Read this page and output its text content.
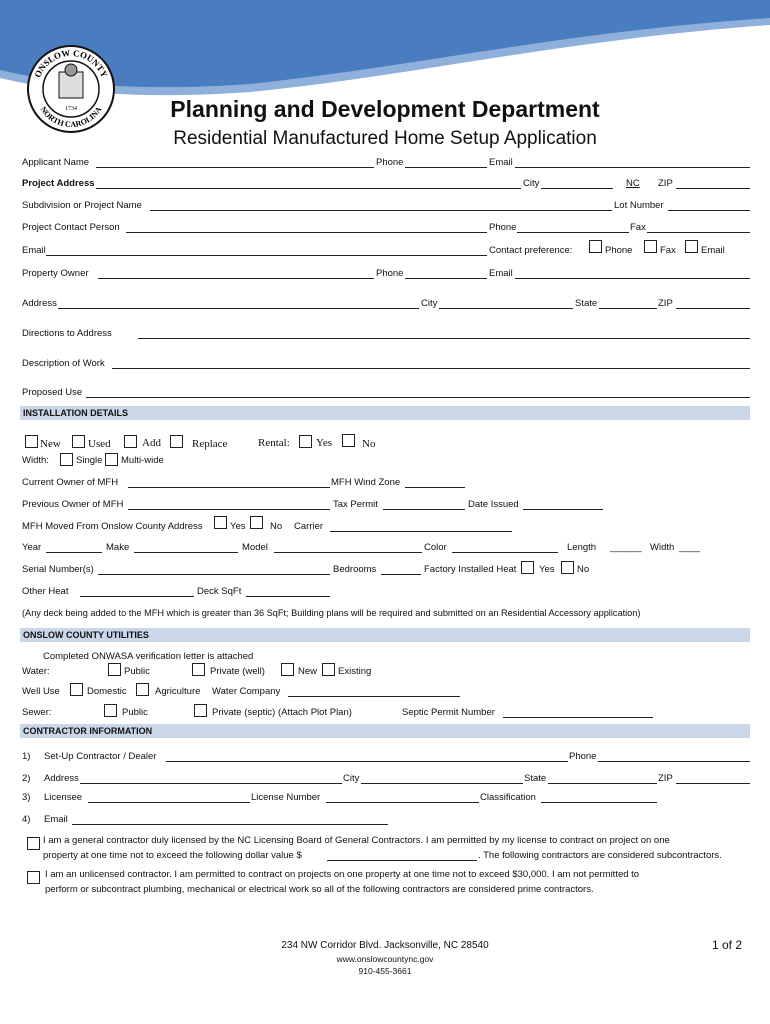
ONSLOW COUNTY
NORTH CAROLINA
1734	Planning and Development Department
Residential Manufactured Home Setup Application
Applicant Name	Phone	Email
Project Address	City	NC ZIP
Subdivision or Project Name	Lot Number
Project Contact Person	Phone	Fax
Email	Contact preference:	Phone	Fax	Email
Property Owner	Phone	Email
Address	City	State	ZIP
Directions to Address
Description of Work
Proposed Use
INSTALLATION DETAILS
New Used	Add	Replace	Rental: Yes	No
Width:	Single Multi-wide
Current Owner of MFH	MFH Wind Zone
Previous Owner of MFH	Tax Permit	Date Issued
MFH Moved From Onslow County Address	Yes	No Carrier
Year	Make	Model	Color	Length ______ Width ____
Serial Number(s)	Bedrooms	Factory Installed Heat Yes No
Other Heat	Deck SqFt
(Any deck being added to the MFH which is greater than 36 SqFt; Building plans will be required and submitted on an Residential Accessory application)
ONSLOW COUNTY UTILITIES
Completed ONWASA verification letter is attached
Water:	Public	Private (well)	New Existing
Well Use	Domestic	Agriculture Water Company
Sewer:	Public	Private (septic) (Attach Plot Plan)	Septic Permit Number
CONTRACTOR INFORMATION
1) Set-Up Contractor / Dealer	Phone
2) Address	City	State	ZIP
3) Licensee	License Number	Classification
4) Email
I am a general contractor duly licensed by the NC Licensing Board of General Contractors. I am permitted by my license to contract on project on one
property at one time not to exceed the following dollar value $	. The following contractors are considered subcontractors.
I am an unlicensed contractor. I am permitted to contract on projects on one property at one time not to exceed $30,000. I am not permitted to
perform or subcontract plumbing, mechanical or electrical work so all of the following contractors are considered prime contractors.
234 NW Corridor Blvd. Jacksonville, NC 28540
www.onslowcountync.gov
910-455-3661
1 of 2
